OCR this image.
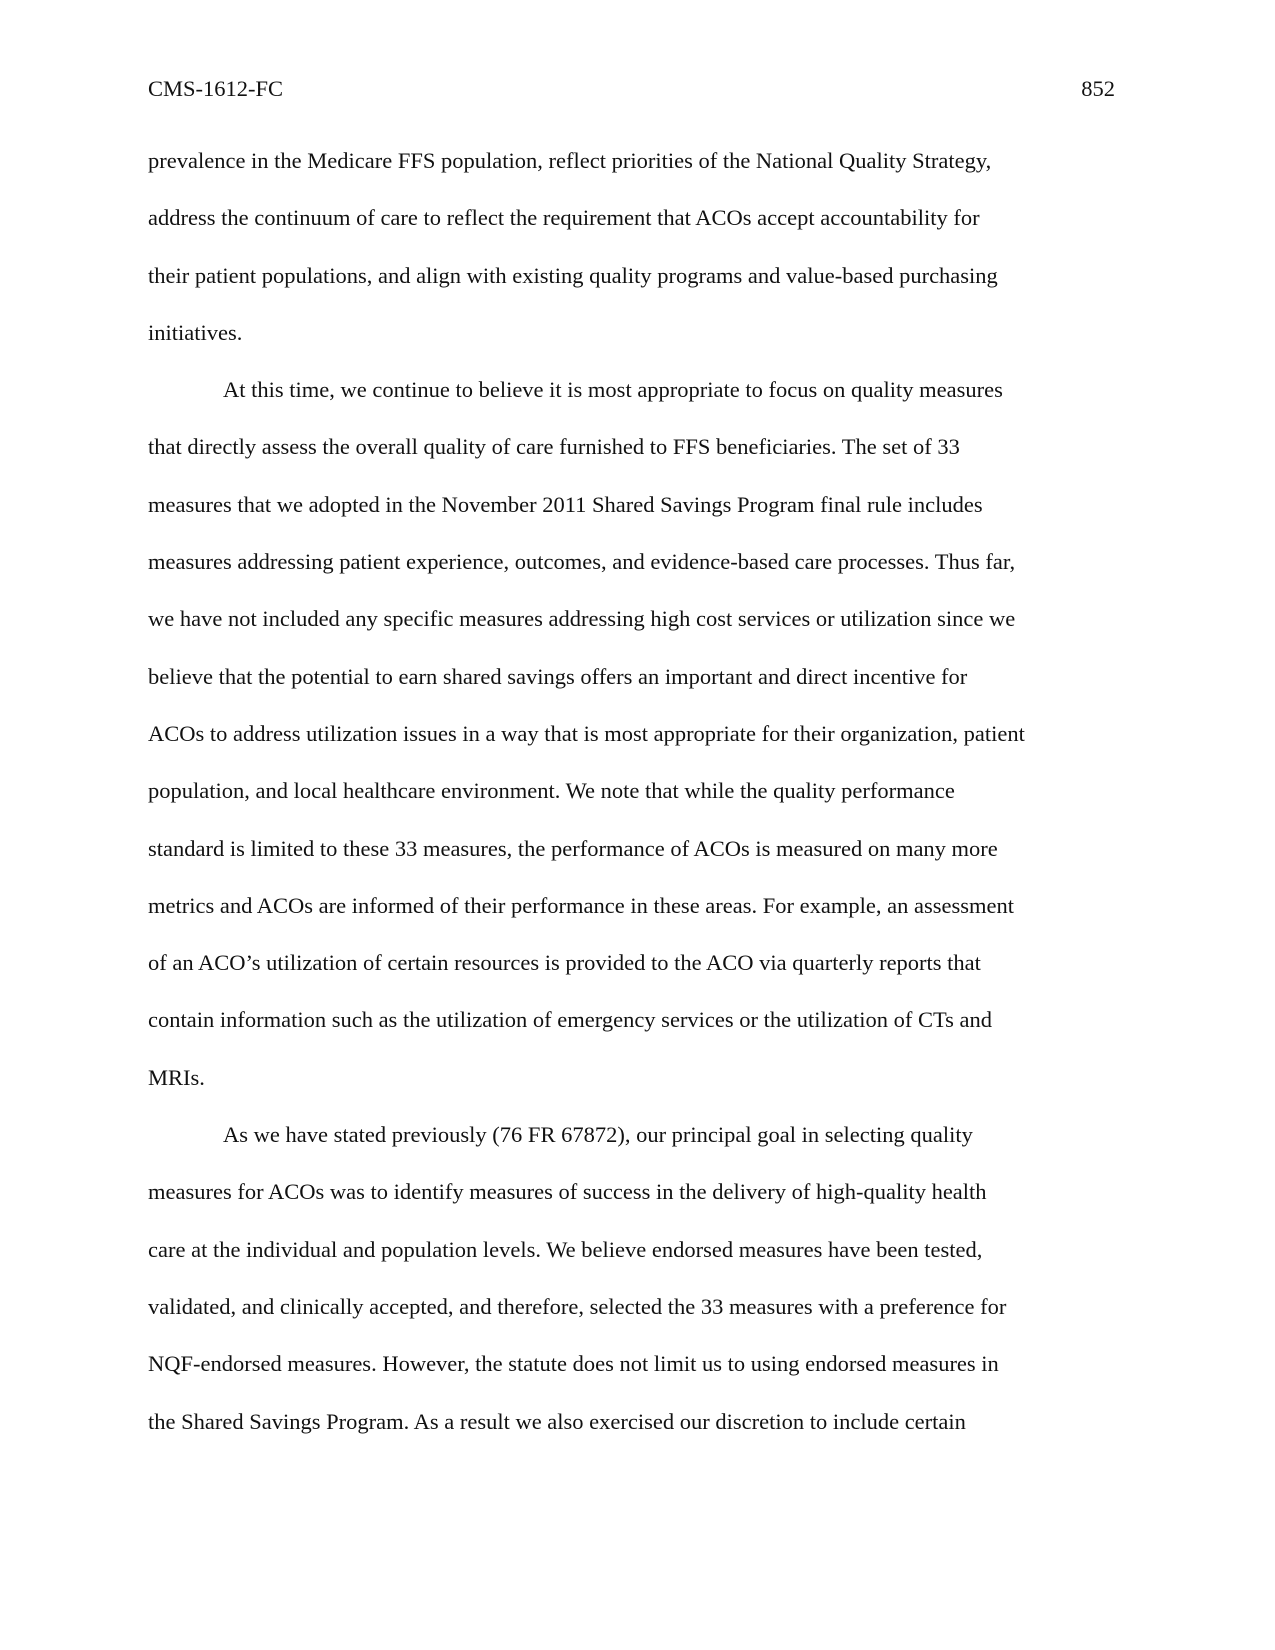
CMS-1612-FC	852
prevalence in the Medicare FFS population, reflect priorities of the National Quality Strategy,
address the continuum of care to reflect the requirement that ACOs accept accountability for
their patient populations, and align with existing quality programs and value-based purchasing
initiatives.
At this time, we continue to believe it is most appropriate to focus on quality measures
that directly assess the overall quality of care furnished to FFS beneficiaries. The set of 33
measures that we adopted in the November 2011 Shared Savings Program final rule includes
measures addressing patient experience, outcomes, and evidence-based care processes. Thus far,
we have not included any specific measures addressing high cost services or utilization since we
believe that the potential to earn shared savings offers an important and direct incentive for
ACOs to address utilization issues in a way that is most appropriate for their organization, patient
population, and local healthcare environment. We note that while the quality performance
standard is limited to these 33 measures, the performance of ACOs is measured on many more
metrics and ACOs are informed of their performance in these areas. For example, an assessment
of an ACO’s utilization of certain resources is provided to the ACO via quarterly reports that
contain information such as the utilization of emergency services or the utilization of CTs and
MRIs.
As we have stated previously (76 FR 67872), our principal goal in selecting quality
measures for ACOs was to identify measures of success in the delivery of high-quality health
care at the individual and population levels. We believe endorsed measures have been tested,
validated, and clinically accepted, and therefore, selected the 33 measures with a preference for
NQF-endorsed measures. However, the statute does not limit us to using endorsed measures in
the Shared Savings Program. As a result we also exercised our discretion to include certain
